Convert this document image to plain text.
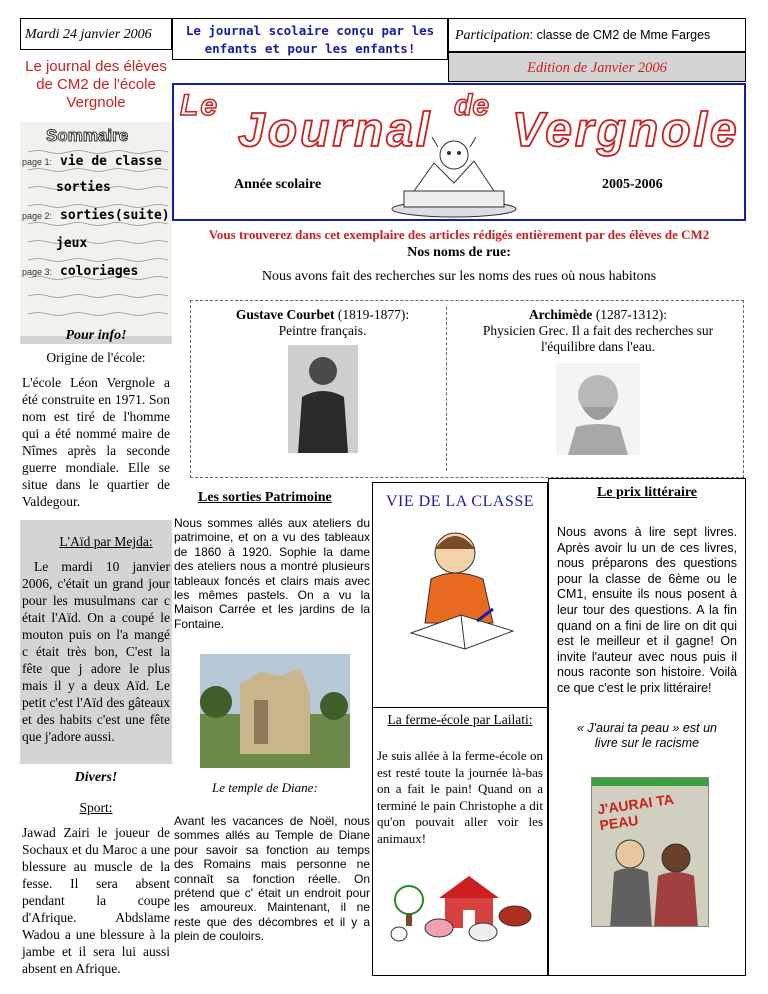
Mardi 24 janvier 2006	Le journal scolaire conçu par les enfants et pour les enfants!
Participation: classe de CM2 de Mme Farges
Edition de Janvier 2006
Le journal des élèves de CM2 de l'école Vergnole	Le Journal de Vergnole
Année scolaire	2005-2006
Sommaire
page 1: vie de classe
sorties
page 2: sorties(suite)
jeux
page 3: coloriages
Vous trouverez dans cet exemplaire des articles rédigés entièrement par des élèves de CM2
Nos noms de rue:
Nous avons fait des recherches sur les noms des rues où nous habitons
Gustave Courbet (1819-1877):
Peintre français.
Archimède (1287-1312):
Physicien Grec. Il a fait des recherches sur l'équilibre dans l'eau.
Pour info!
Origine de l'école:
L'école Léon Vergnole a été construite en 1971. Son nom est tiré de l'homme qui a été nommé maire de Nîmes après la seconde guerre mondiale. Elle se situe dans le quartier de Valdegour.
L'Aïd par Mejda:
Le mardi 10 janvier 2006, c'était un grand jour pour les musulmans car c était l'Aïd. On a coupé le mouton puis on l'a mangé c était très bon, C'est la fête que j adore le plus mais il y a deux Aïd. Le petit c'est l'Aïd des gâteaux et des habits c'est une fête que j'adore aussi.
Divers!
Sport:
Jawad Zairi le joueur de Sochaux et du Maroc a une blessure au muscle de la fesse. Il sera absent pendant la coupe d'Afrique. Abdslame Wadou a une blessure à la jambe et il sera lui aussi absent en Afrique.
Les sorties Patrimoine
Nous sommes allés aux ateliers du patrimoine, et on a vu des tableaux de 1860 à 1920. Sophie la dame des ateliers nous a montré plusieurs tableaux foncés et clairs mais avec les mêmes pastels. On a vu la Maison Carrée et les jardins de la Fontaine.
Le temple de Diane:
Avant les vacances de Noël, nous sommes allés au Temple de Diane pour savoir sa fonction au temps des Romains mais personne ne connaît sa fonction réelle. On prétend que c' était un endroit pour les amoureux. Maintenant, il ne reste que des décombres et il y a plein de couloirs.
VIE DE LA CLASSE
La ferme-école par Lailati:
Je suis allée à la ferme-école on est resté toute la journée là-bas on a fait le pain! Quand on a terminé le pain Christophe a dit qu'on pouvait aller voir les animaux!
Le prix littéraire
Nous avons à lire sept livres. Après avoir lu un de ces livres, nous préparons des questions pour la classe de 6ème ou le CM1, ensuite ils nous posent à leur tour des questions. A la fin quand on a fini de lire on dit qui est le meilleur et il gagne! On invite l'auteur avec nous puis il nous raconte son histoire. Voilà ce que c'est le prix littéraire!
« J'aurai ta peau » est un livre sur le racisme
J'AURAI TA PEAU
